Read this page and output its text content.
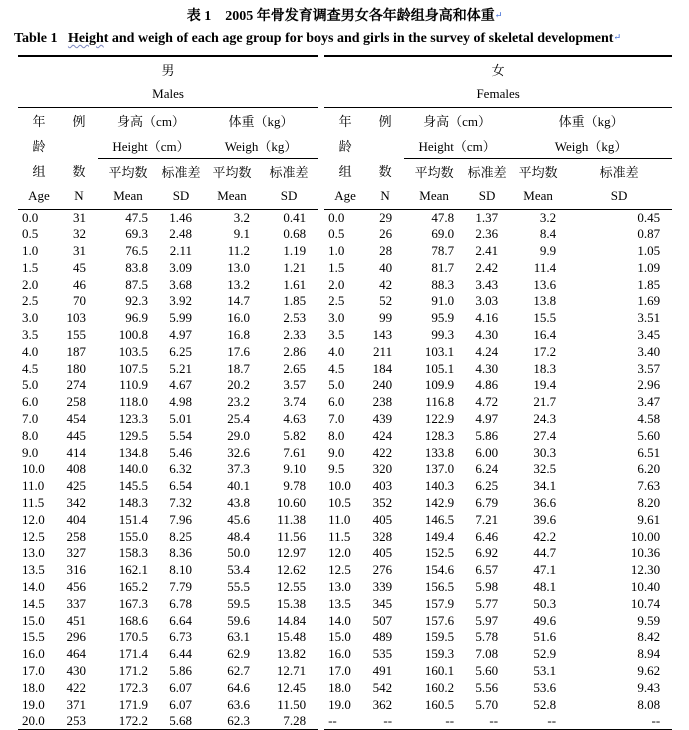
表 1　2005 年骨发育调查男女各年龄组身高和体重↵
Table 1 Height and weigh of each age group for boys and girls in the survey of skeletal development↵
男							女					
Males							Females					
年	例	身高（cm）		体重（kg）			年	例	身高（cm）		体重（kg）	
龄		Height（cm）		Weigh（kg）			龄		Height（cm）		Weigh（kg）	
组	数	平均数	标准差	平均数	标准差		组	数	平均数	标准差	平均数	标准差
Age	N	Mean	SD	Mean	SD		Age	N	Mean	SD	Mean	SD
0.0	31	47.5	1.46	3.2	0.41		0.0	29	47.8	1.37	3.2	0.45
0.5	32	69.3	2.48	9.1	0.68		0.5	26	69.0	2.36	8.4	0.87
1.0	31	76.5	2.11	11.2	1.19		1.0	28	78.7	2.41	9.9	1.05
1.5	45	83.8	3.09	13.0	1.21		1.5	40	81.7	2.42	11.4	1.09
2.0	46	87.5	3.68	13.2	1.61		2.0	42	88.3	3.43	13.6	1.85
2.5	70	92.3	3.92	14.7	1.85		2.5	52	91.0	3.03	13.8	1.69
3.0	103	96.9	5.99	16.0	2.53		3.0	99	95.9	4.16	15.5	3.51
3.5	155	100.8	4.97	16.8	2.33		3.5	143	99.3	4.30	16.4	3.45
4.0	187	103.5	6.25	17.6	2.86		4.0	211	103.1	4.24	17.2	3.40
4.5	180	107.5	5.21	18.7	2.65		4.5	184	105.1	4.30	18.3	3.57
5.0	274	110.9	4.67	20.2	3.57		5.0	240	109.9	4.86	19.4	2.96
6.0	258	118.0	4.98	23.2	3.74		6.0	238	116.8	4.72	21.7	3.47
7.0	454	123.3	5.01	25.4	4.63		7.0	439	122.9	4.97	24.3	4.58
8.0	445	129.5	5.54	29.0	5.82		8.0	424	128.3	5.86	27.4	5.60
9.0	414	134.8	5.46	32.6	7.61		9.0	422	133.8	6.00	30.3	6.51
10.0	408	140.0	6.32	37.3	9.10		9.5	320	137.0	6.24	32.5	6.20
11.0	425	145.5	6.54	40.1	9.78		10.0	403	140.3	6.25	34.1	7.63
11.5	342	148.3	7.32	43.8	10.60		10.5	352	142.9	6.79	36.6	8.20
12.0	404	151.4	7.96	45.6	11.38		11.0	405	146.5	7.21	39.6	9.61
12.5	258	155.0	8.25	48.4	11.56		11.5	328	149.4	6.46	42.2	10.00
13.0	327	158.3	8.36	50.0	12.97		12.0	405	152.5	6.92	44.7	10.36
13.5	316	162.1	8.10	53.4	12.62		12.5	276	154.6	6.57	47.1	12.30
14.0	456	165.2	7.79	55.5	12.55		13.0	339	156.5	5.98	48.1	10.40
14.5	337	167.3	6.78	59.5	15.38		13.5	345	157.9	5.77	50.3	10.74
15.0	451	168.6	6.64	59.6	14.84		14.0	507	157.6	5.97	49.6	9.59
15.5	296	170.5	6.73	63.1	15.48		15.0	489	159.5	5.78	51.6	8.42
16.0	464	171.4	6.44	62.9	13.82		16.0	535	159.3	7.08	52.9	8.94
17.0	430	171.2	5.86	62.7	12.71		17.0	491	160.1	5.60	53.1	9.62
18.0	422	172.3	6.07	64.6	12.45		18.0	542	160.2	5.56	53.6	9.43
19.0	371	171.9	6.07	63.6	11.50		19.0	362	160.5	5.70	52.8	8.08
20.0	253	172.2	5.68	62.3	7.28		--	--	--	--	--	--
